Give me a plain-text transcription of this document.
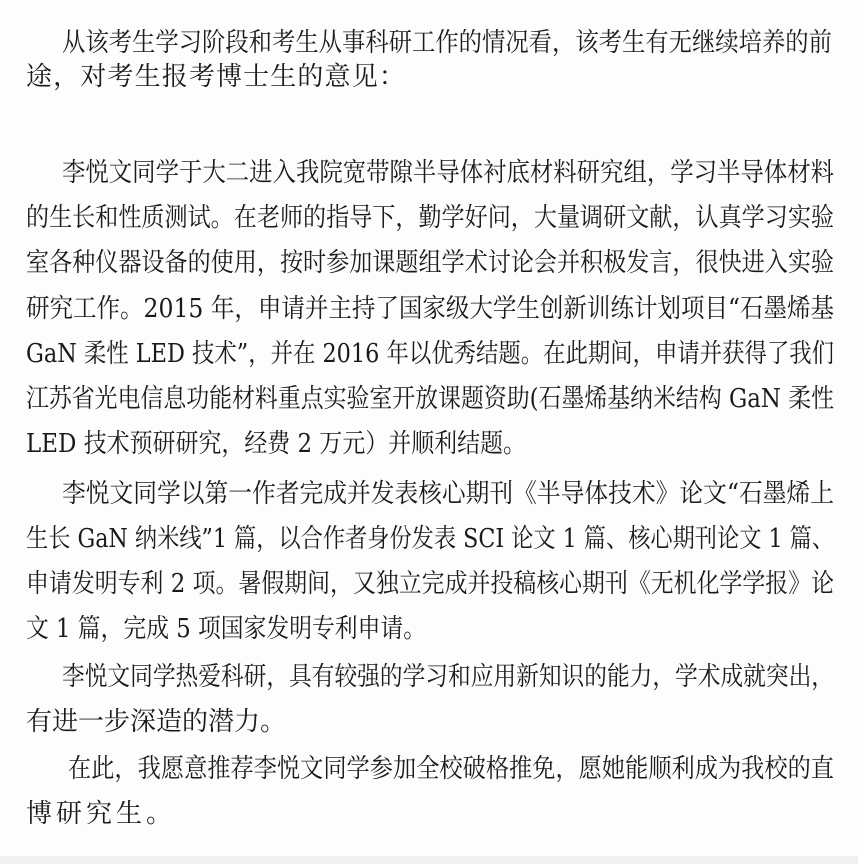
从该考生学习阶段和考生从事科研工作的情况看，该考生有无继续培养的前
途，对考生报考博士生的意见：
李悦文同学于大二进入我院宽带隙半导体衬底材料研究组，学习半导体材料
的生长和性质测试。在老师的指导下，勤学好问，大量调研文献，认真学习实验
室各种仪器设备的使用，按时参加课题组学术讨论会并积极发言，很快进入实验
研究工作。2015 年，申请并主持了国家级大学生创新训练计划项目“石墨烯基
GaN 柔性 LED 技术”，并在 2016 年以优秀结题。在此期间，申请并获得了我们
江苏省光电信息功能材料重点实验室开放课题资助(石墨烯基纳米结构 GaN 柔性
LED 技术预研研究，经费 2 万元）并顺利结题。
李悦文同学以第一作者完成并发表核心期刊《半导体技术》论文“石墨烯上
生长 GaN 纳米线”1 篇，以合作者身份发表 SCI 论文 1 篇、核心期刊论文 1 篇、
申请发明专利 2 项。暑假期间，又独立完成并投稿核心期刊《无机化学学报》论
文 1 篇，完成 5 项国家发明专利申请。
李悦文同学热爱科研，具有较强的学习和应用新知识的能力，学术成就突出，
有进一步深造的潜力。
在此，我愿意推荐李悦文同学参加全校破格推免，愿她能顺利成为我校的直
博研究生。
